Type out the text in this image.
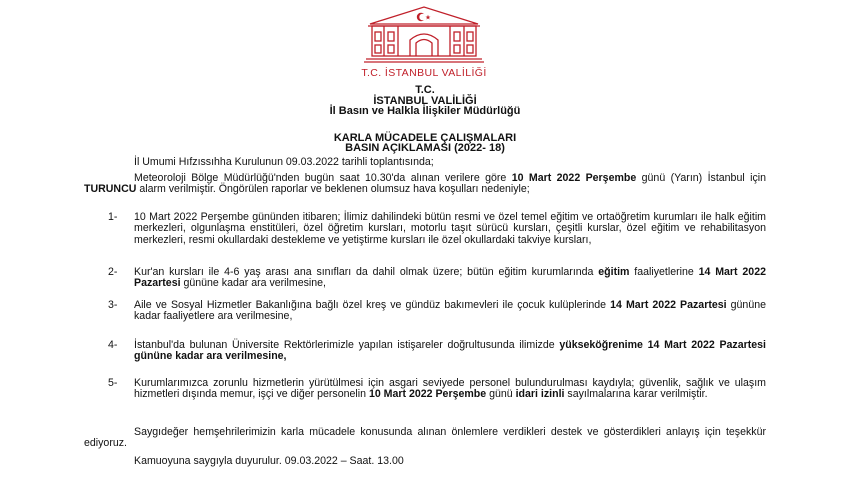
T.C. İSTANBUL VALİLİĞİ
T.C.
İSTANBUL VALİLİĞİ
İl Basın ve Halkla İlişkiler Müdürlüğü
KARLA MÜCADELE ÇALIŞMALARI
BASIN AÇIKLAMASI (2022- 18)
İl Umumi Hıfzıssıhha Kurulunun 09.03.2022 tarihli toplantısında;
Meteoroloji Bölge Müdürlüğü'nden bugün saat 10.30'da alınan verilere göre 10 Mart 2022 Perşembe günü (Yarın) İstanbul için TURUNCU alarm verilmiştir. Öngörülen raporlar ve beklenen olumsuz hava koşulları nedeniyle;
1- 10 Mart 2022 Perşembe gününden itibaren; İlimiz dahilindeki bütün resmi ve özel temel eğitim ve ortaöğretim kurumları ile halk eğitim merkezleri, olgunlaşma enstitüleri, özel öğretim kursları, motorlu taşıt sürücü kursları, çeşitli kurslar, özel eğitim ve rehabilitasyon merkezleri, resmi okullardaki destekleme ve yetiştirme kursları ile özel okullardaki takviye kursları,
2- Kur'an kursları ile 4-6 yaş arası ana sınıfları da dahil olmak üzere; bütün eğitim kurumlarında eğitim faaliyetlerine 14 Mart 2022 Pazartesi gününe kadar ara verilmesine,
3- Aile ve Sosyal Hizmetler Bakanlığına bağlı özel kreş ve gündüz bakımevleri ile çocuk kulüplerinde 14 Mart 2022 Pazartesi gününe kadar faaliyetlere ara verilmesine,
4- İstanbul'da bulunan Üniversite Rektörlerimizle yapılan istişareler doğrultusunda ilimizde yükseköğrenime 14 Mart 2022 Pazartesi gününe kadar ara verilmesine,
5- Kurumlarımızca zorunlu hizmetlerin yürütülmesi için asgari seviyede personel bulundurulması kaydıyla; güvenlik, sağlık ve ulaşım hizmetleri dışında memur, işçi ve diğer personelin 10 Mart 2022 Perşembe günü idari izinli sayılmalarına karar verilmiştir.
Saygıdeğer hemşehrilerimizin karla mücadele konusunda alınan önlemlere verdikleri destek ve gösterdikleri anlayış için teşekkür ediyoruz.
Kamuoyuna saygıyla duyurulur. 09.03.2022 – Saat. 13.00
